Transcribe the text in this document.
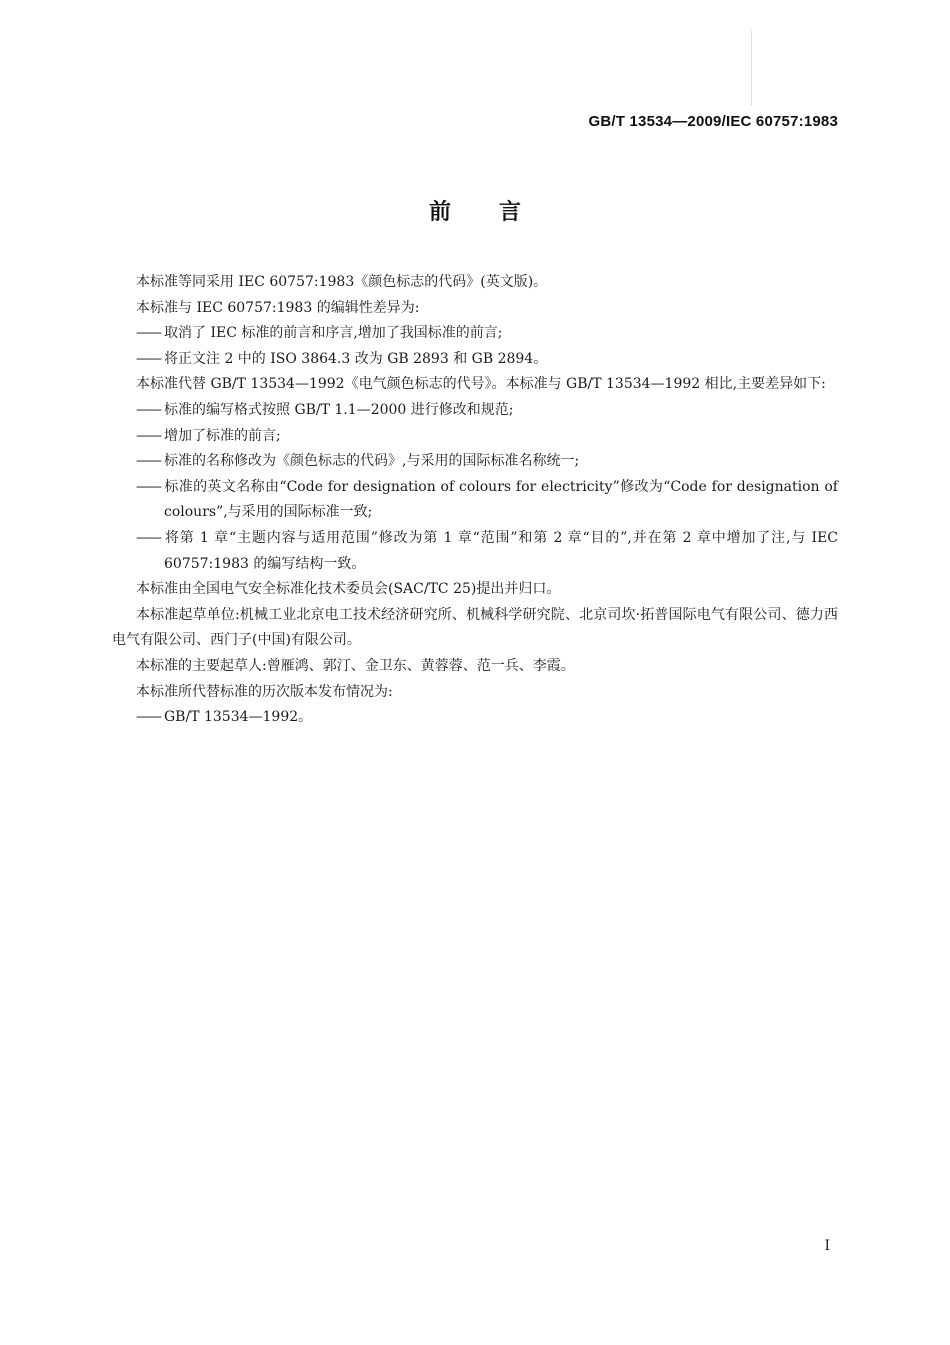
GB/T 13534—2009/IEC 60757:1983
前言

本标准等同采用 IEC 60757:1983《颜色标志的代码》(英文版)。

本标准与 IEC 60757:1983 的编辑性差异为:

—— 取消了 IEC 标准的前言和序言,增加了我国标准的前言;

—— 将正文注 2 中的 ISO 3864.3 改为 GB 2893 和 GB 2894。

本标准代替 GB/T 13534—1992《电气颜色标志的代号》。本标准与 GB/T 13534—1992 相比,主要差异如下:

—— 标准的编写格式按照 GB/T 1.1—2000 进行修改和规范;

—— 增加了标准的前言;

—— 标准的名称修改为《颜色标志的代码》,与采用的国际标准名称统一;

—— 标准的英文名称由“Code for designation of colours for electricity”修改为“Code for designation of colours”,与采用的国际标准一致;

—— 将第 1 章“主题内容与适用范围”修改为第 1 章“范围”和第 2 章“目的”,并在第 2 章中增加了注,与 IEC 60757:1983 的编写结构一致。

本标准由全国电气安全标准化技术委员会(SAC/TC 25)提出并归口。

本标准起草单位:机械工业北京电工技术经济研究所、机械科学研究院、北京司坎·拓普国际电气有限公司、德力西电气有限公司、西门子(中国)有限公司。

本标准的主要起草人:曾雁鸿、郭汀、金卫东、黄蓉蓉、范一兵、李霞。

本标准所代替标准的历次版本发布情况为:

—— GB/T 13534—1992。

I
